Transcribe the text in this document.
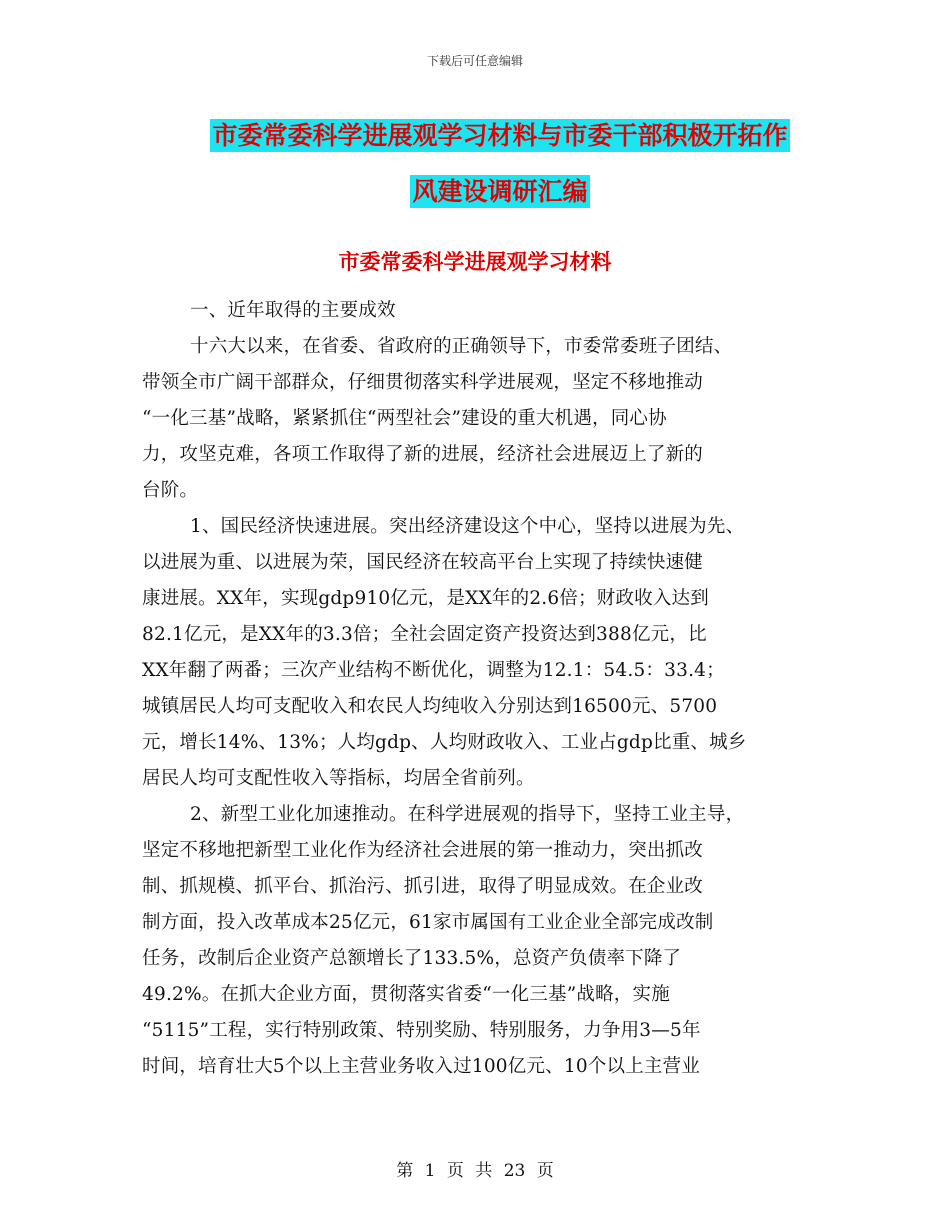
下载后可任意编辑
市委常委科学进展观学习材料与市委干部积极开拓作
风建设调研汇编
市委常委科学进展观学习材料
一、近年取得的主要成效
十六大以来，在省委、省政府的正确领导下，市委常委班子团结、
带领全市广阔干部群众，仔细贯彻落实科学进展观，坚定不移地推动
“一化三基”战略，紧紧抓住“两型社会”建设的重大机遇，同心协
力，攻坚克难，各项工作取得了新的进展，经济社会进展迈上了新的
台阶。
1、国民经济快速进展。突出经济建设这个中心，坚持以进展为先、
以进展为重、以进展为荣，国民经济在较高平台上实现了持续快速健
康进展。XX年，实现gdp910亿元，是XX年的2.6倍；财政收入达到
82.1亿元，是XX年的3.3倍；全社会固定资产投资达到388亿元，比
XX年翻了两番；三次产业结构不断优化，调整为12.1：54.5：33.4；
城镇居民人均可支配收入和农民人均纯收入分别达到16500元、5700
元，增长14%、13%；人均gdp、人均财政收入、工业占gdp比重、城乡
居民人均可支配性收入等指标，均居全省前列。
2、新型工业化加速推动。在科学进展观的指导下，坚持工业主导，
坚定不移地把新型工业化作为经济社会进展的第一推动力，突出抓改
制、抓规模、抓平台、抓治污、抓引进，取得了明显成效。在企业改
制方面，投入改革成本25亿元，61家市属国有工业企业全部完成改制
任务，改制后企业资产总额增长了133.5%，总资产负债率下降了
49.2%。在抓大企业方面，贯彻落实省委“一化三基”战略，实施
“5115”工程，实行特别政策、特别奖励、特别服务，力争用3—5年
时间，培育壮大5个以上主营业务收入过100亿元、10个以上主营业
第 1 页 共 23 页
